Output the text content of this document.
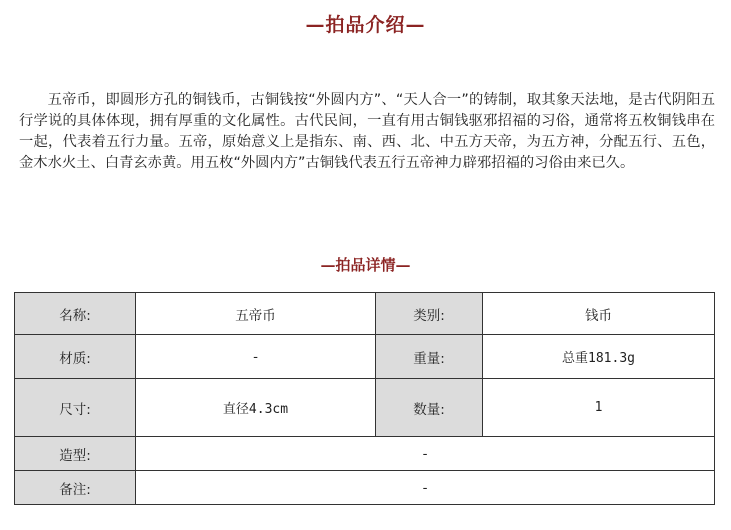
—拍品介绍—

五帝币，即圆形方孔的铜钱币，古铜钱按“外圆内方”、“天人合一”的铸制，取其象天法地，是古代阴阳五行学说的具体体现，拥有厚重的文化属性。古代民间，一直有用古铜钱驱邪招福的习俗，通常将五枚铜钱串在一起，代表着五行力量。五帝，原始意义上是指东、南、西、北、中五方天帝，为五方神，分配五行、五色，金木水火土、白青玄赤黄。用五枚“外圆内方”古铜钱代表五行五帝神力辟邪招福的习俗由来已久。

—拍品详情—
名称:	五帝币	类别:	钱币
材质:	-	重量:	总重181.3g
尺寸:	直径4.3cm	数量:	1
造型:	-		
备注:	-		
